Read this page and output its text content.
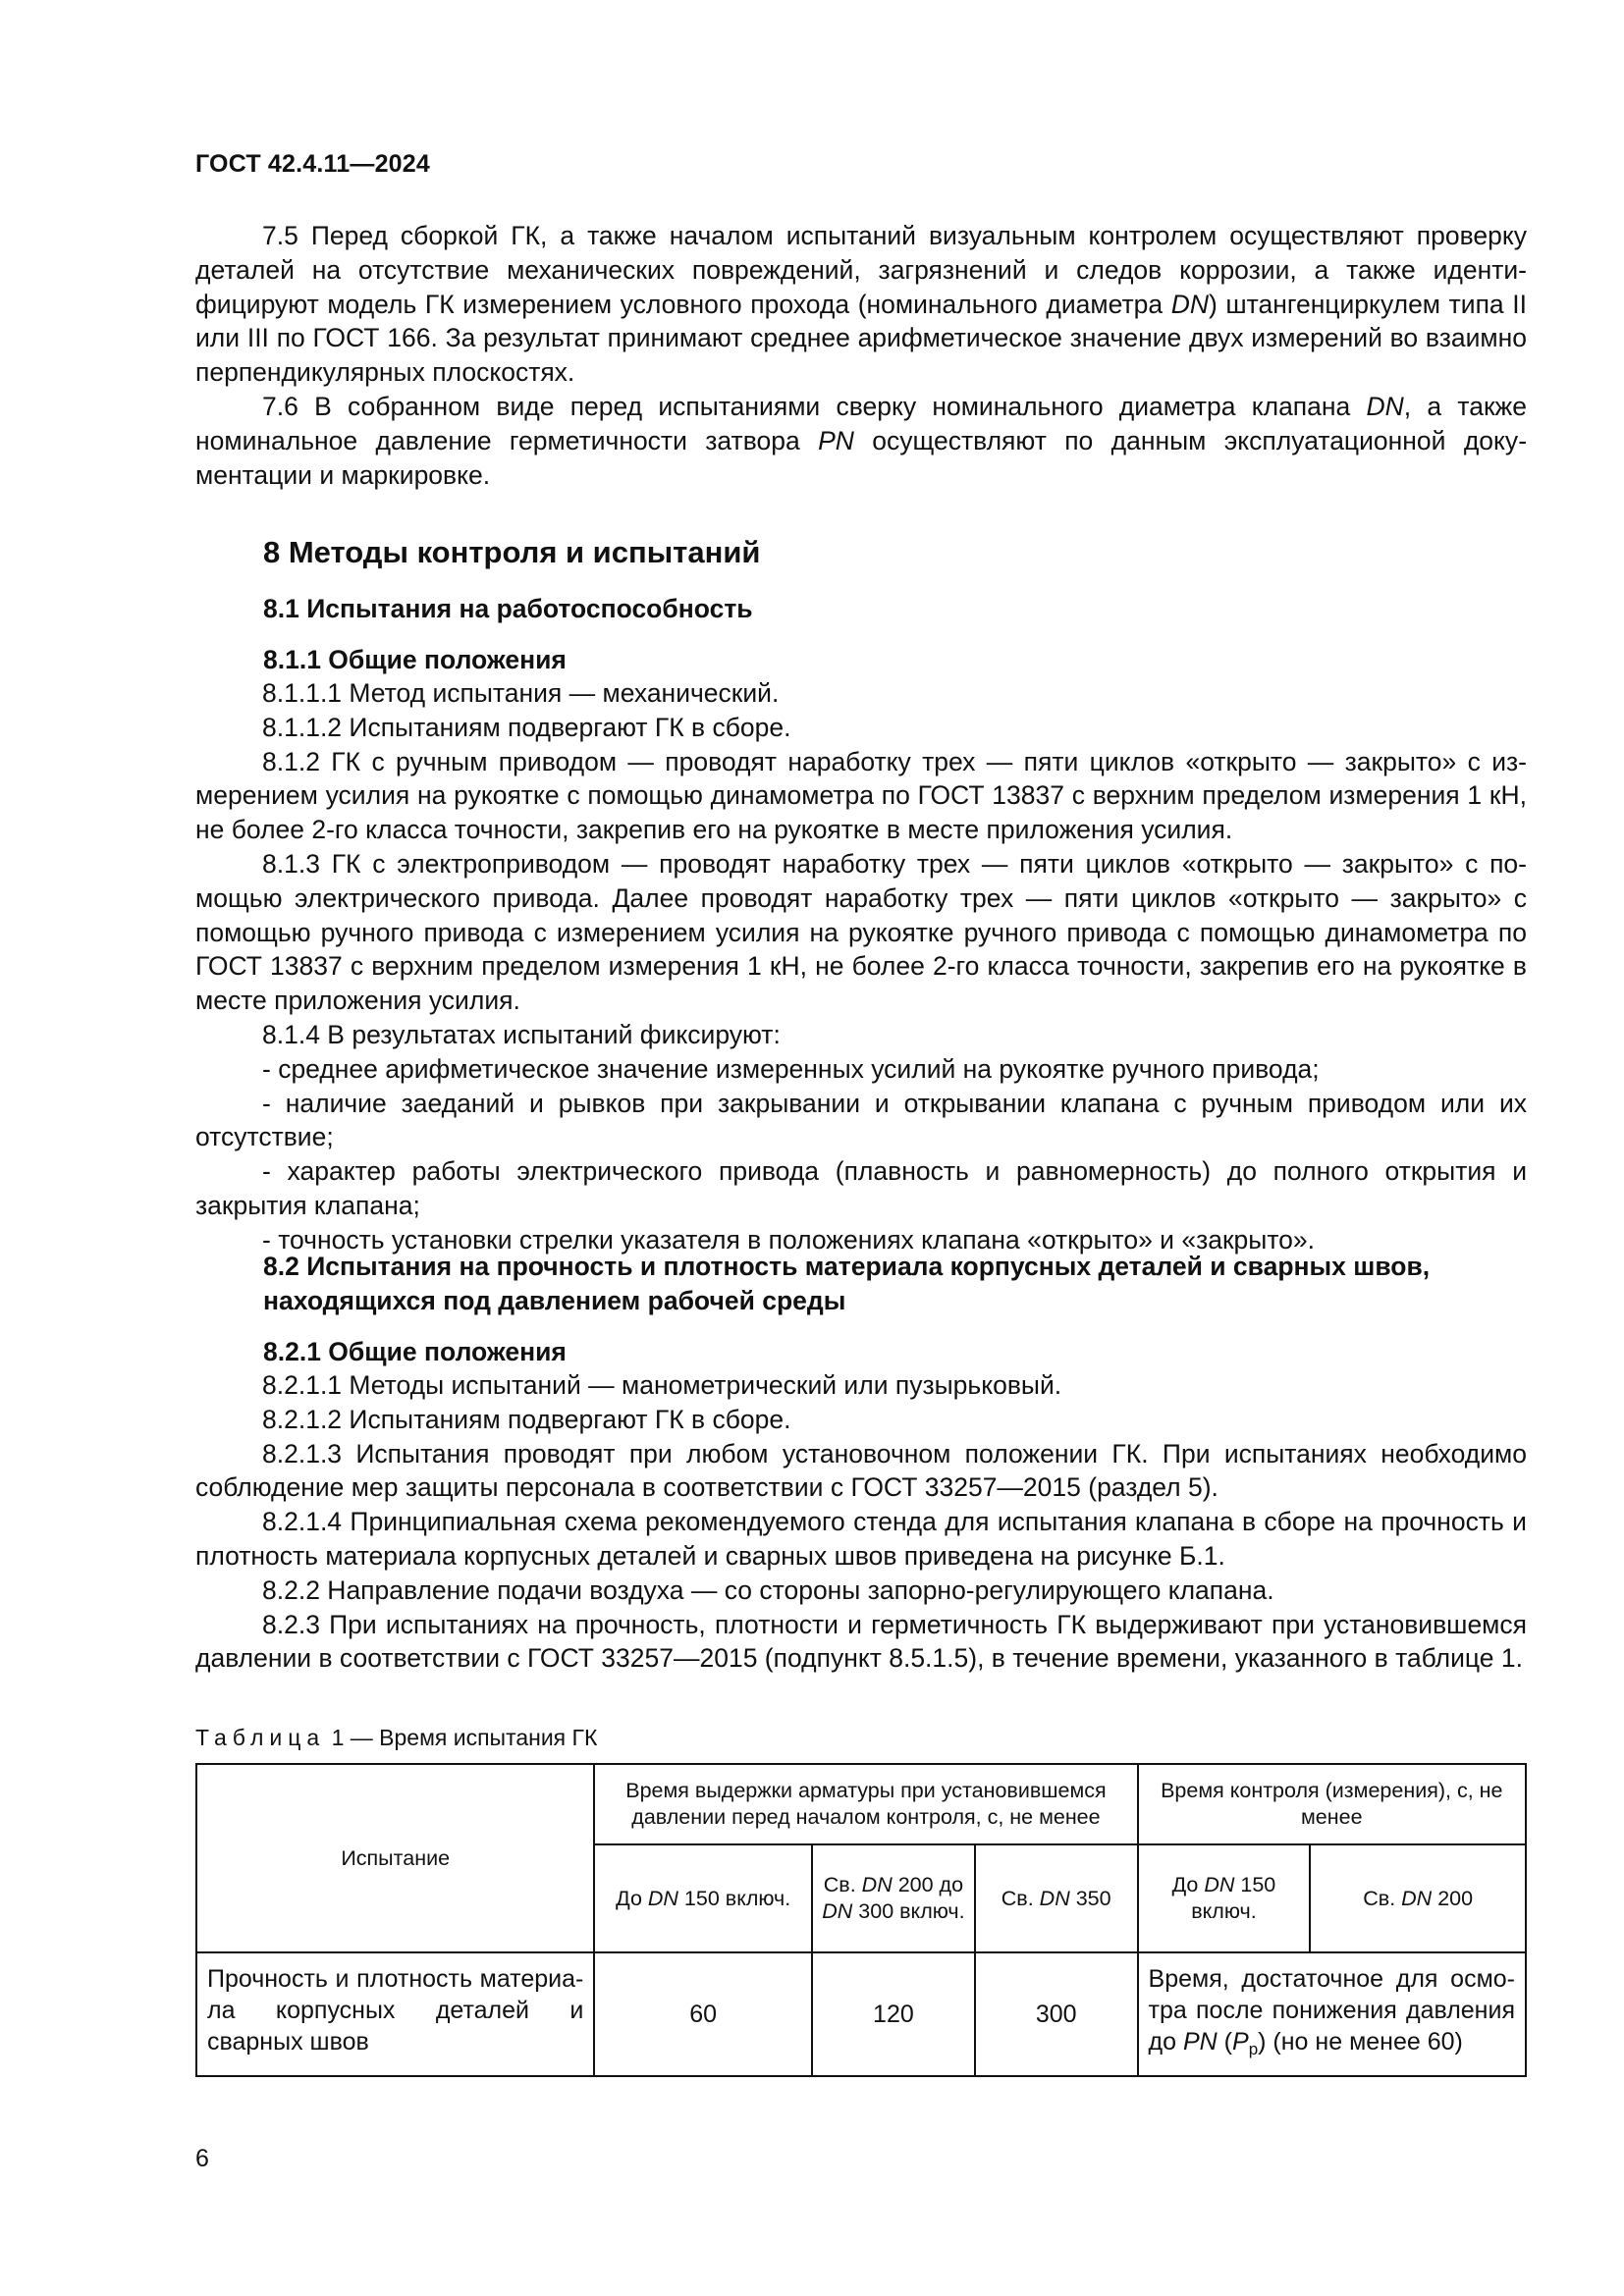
ГОСТ 42.4.11—2024

7.5 Перед сборкой ГК, а также началом испытаний визуальным контролем осуществляют проверку деталей на отсутствие механических повреждений, загрязнений и следов коррозии, а также идентифицируют модель ГК измерением условного прохода (номинального диаметра DN) штангенциркулем типа II или III по ГОСТ 166. За результат принимают среднее арифметическое значение двух измерений во взаимно перпендикулярных плоскостях.

7.6 В собранном виде перед испытаниями сверку номинального диаметра клапана DN, а также номинальное давление герметичности затвора PN осуществляют по данным эксплуатационной документации и маркировке.

8 Методы контроля и испытаний
8.1 Испытания на работоспособность
8.1.1 Общие положения

8.1.1.1 Метод испытания — механический.

8.1.1.2 Испытаниям подвергают ГК в сборе.

8.1.2 ГК с ручным приводом — проводят наработку трех — пяти циклов «открыто — закрыто» с измерением усилия на рукоятке с помощью динамометра по ГОСТ 13837 с верхним пределом измерения 1 кН, не более 2-го класса точности, закрепив его на рукоятке в месте приложения усилия.

8.1.3 ГК с электроприводом — проводят наработку трех — пяти циклов «открыто — закрыто» с помощью электрического привода. Далее проводят наработку трех — пяти циклов «открыто — закрыто» с помощью ручного привода с измерением усилия на рукоятке ручного привода с помощью динамометра по ГОСТ 13837 с верхним пределом измерения 1 кН, не более 2-го класса точности, закрепив его на рукоятке в месте приложения усилия.

8.1.4 В результатах испытаний фиксируют:

- среднее арифметическое значение измеренных усилий на рукоятке ручного привода;

- наличие заеданий и рывков при закрывании и открывании клапана с ручным приводом или их отсутствие;

- характер работы электрического привода (плавность и равномерность) до полного открытия и закрытия клапана;

- точность установки стрелки указателя в положениях клапана «открыто» и «закрыто».

8.2 Испытания на прочность и плотность материала корпусных деталей и сварных швов, находящихся под давлением рабочей среды
8.2.1 Общие положения

8.2.1.1 Методы испытаний — манометрический или пузырьковый.

8.2.1.2 Испытаниям подвергают ГК в сборе.

8.2.1.3 Испытания проводят при любом установочном положении ГК. При испытаниях необходимо соблюдение мер защиты персонала в соответствии с ГОСТ 33257—2015 (раздел 5).

8.2.1.4 Принципиальная схема рекомендуемого стенда для испытания клапана в сборе на прочность и плотность материала корпусных деталей и сварных швов приведена на рисунке Б.1.

8.2.2 Направление подачи воздуха — со стороны запорно-регулирующего клапана.

8.2.3 При испытаниях на прочность, плотности и герметичность ГК выдерживают при установившемся давлении в соответствии с ГОСТ 33257—2015 (подпункт 8.5.1.5), в течение времени, указанного в таблице 1.

Таблица 1 — Время испытания ГК
Испытание	Время выдержки арматуры при установившемся давлении перед началом контроля, с, не менее			Время контроля (измерения), с, не менее	
	До DN 150 включ.	Св. DN 200 до DN 300 включ.	Св. DN 350	До DN 150 включ.	Св. DN 200
Прочность и плотность материала корпусных деталей и сварных швов	60	120	300	Время, достаточное для осмотра после понижения давления до PN $(P_р)$ (но не менее 60)	
6
